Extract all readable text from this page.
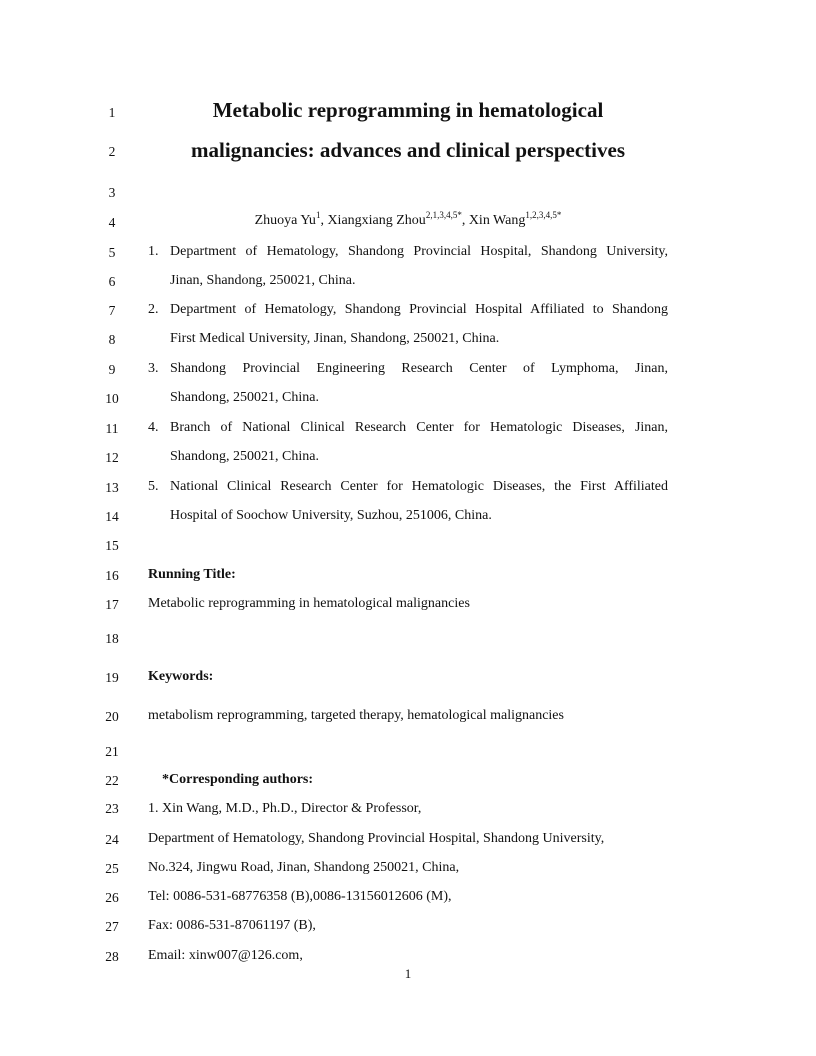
1
2
3
4
5
6
7
8
9
10
11
12
13
14
15
16
17
18
19
20
21
22
23
24
25
26
27
28
Metabolic reprogramming in hematological
malignancies: advances and clinical perspectives
Zhuoya Yu$^1$, Xiangxiang Zhou$^{2,1,3,4,5*}$, Xin Wang$^{1,2,3,4,5*}$
1. Department of Hematology, Shandong Provincial Hospital, Shandong University,
Jinan, Shandong, 250021, China.
2. Department of Hematology, Shandong Provincial Hospital Affiliated to Shandong
First Medical University, Jinan, Shandong, 250021, China.
3. Shandong Provincial Engineering Research Center of Lymphoma, Jinan,
Shandong, 250021, China.
4. Branch of National Clinical Research Center for Hematologic Diseases, Jinan,
Shandong, 250021, China.
5. National Clinical Research Center for Hematologic Diseases, the First Affiliated
Hospital of Soochow University, Suzhou, 251006, China.
Running Title:
Metabolic reprogramming in hematological malignancies
Keywords:
metabolism reprogramming, targeted therapy, hematological malignancies
*Corresponding authors:
1. Xin Wang, M.D., Ph.D., Director & Professor,
Department of Hematology, Shandong Provincial Hospital, Shandong University,
No.324, Jingwu Road, Jinan, Shandong 250021, China,
Tel: 0086-531-68776358 (B),0086-13156012606 (M),
Fax: 0086-531-87061197 (B),
Email: xinw007@126.com,
1
